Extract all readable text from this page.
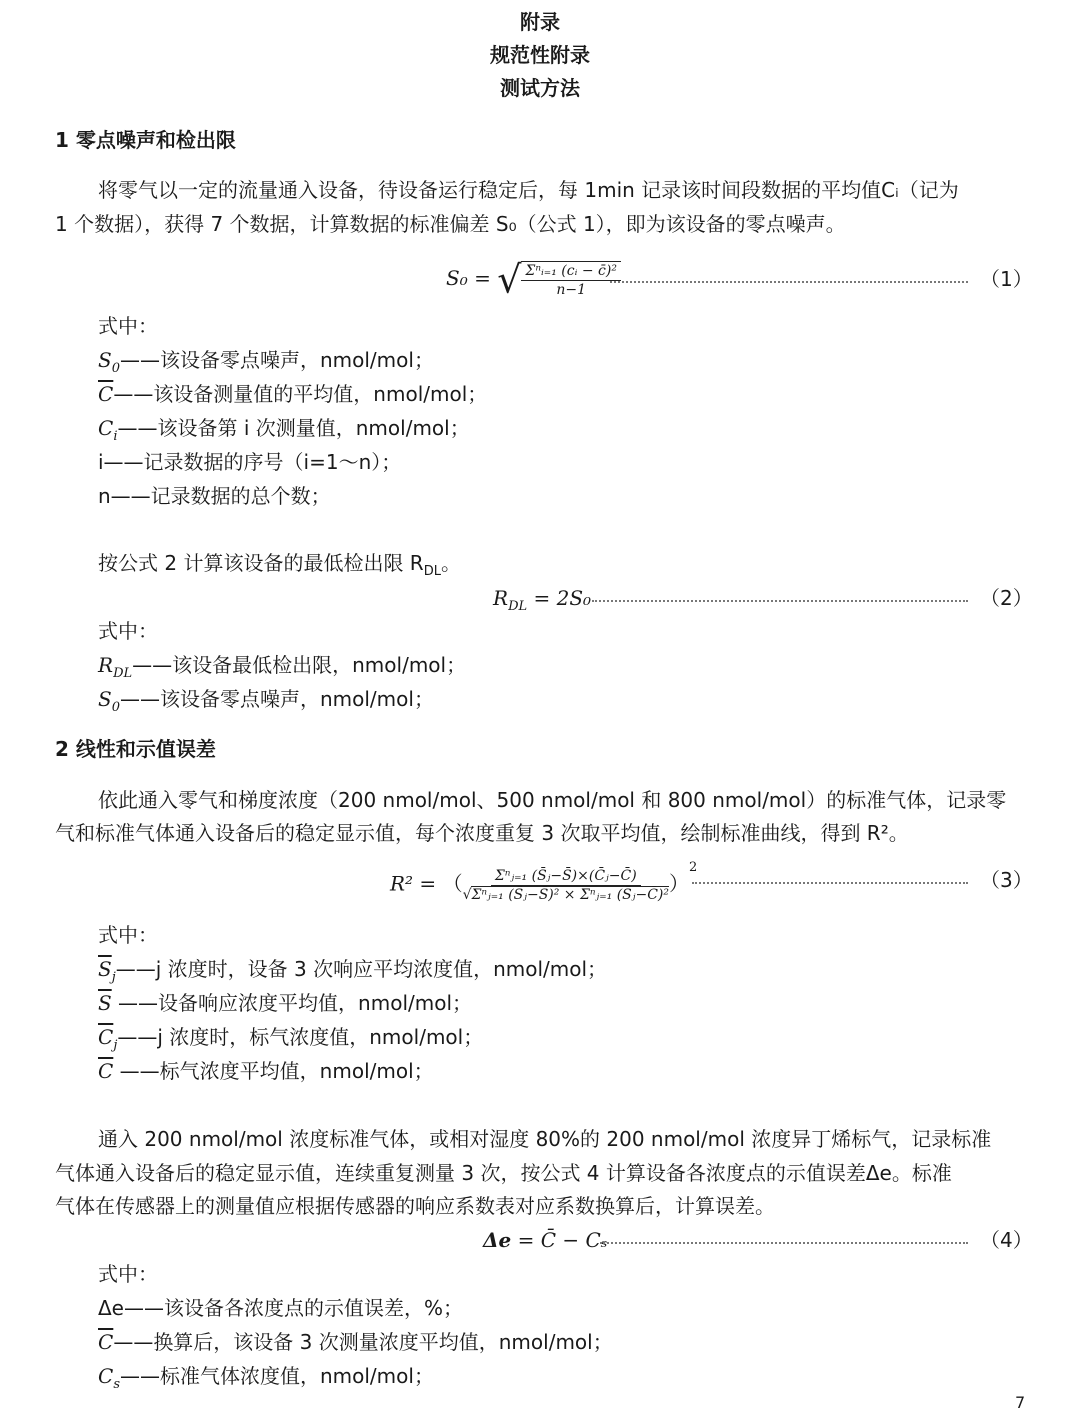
附录
规范性附录
测试方法
1 零点噪声和检出限
将零气以一定的流量通入设备，待设备运行稳定后，每 1min 记录该时间段数据的平均值Cᵢ（记为
1 个数据），获得 7 个数据，计算数据的标准偏差 S₀（公式 1），即为该设备的零点噪声。
S₀ = √ $\frac{\text{Σⁿᵢ₌₁ (cᵢ − c̄)²}}{n-1}$	（1）
式中：
$S_0——$该设备零点噪声，nmol/mol；
$\overline{C}——$该设备测量值的平均值，nmol/mol；
$C_i——$该设备第 i 次测量值，nmol/mol；
i——记录数据的序号（i=1～n）；
n——记录数据的总个数；
按公式 2 计算该设备的最低检出限 $R_{DL}$。
$R_{DL} = 2S_0$	（2）
式中：
$R_{DL}——$该设备最低检出限，nmol/mol；
$S_0——$该设备零点噪声，nmol/mol；
2 线性和示值误差
依此通入零气和梯度浓度（200 nmol/mol、500 nmol/mol 和 800 nmol/mol）的标准气体，记录零
气和标准气体通入设备后的稳定显示值，每个浓度重复 3 次取平均值，绘制标准曲线，得到 R²。
R² = （ $\frac{\text{Σⁿⱼ₌₁ (S̄ⱼ−S̄)×(C̄ⱼ−C̄)}}{\text{√Σⁿⱼ₌₁ (S̄ⱼ−S̄)² × Σⁿⱼ₌₁ (S̄ⱼ−C̄)²}} )^2$
（3）
式中：
$\overline{S}_j——j$ 浓度时，设备 3 次响应平均浓度值，nmol/mol；
$\overline{S}$ ——设备响应浓度平均值，nmol/mol；
$\overline{C}_j——j$ 浓度时，标气浓度值，nmol/mol；
$\overline{C}$ ——标气浓度平均值，nmol/mol；
通入 200 nmol/mol 浓度标准气体，或相对湿度 80%的 200 nmol/mol 浓度异丁烯标气，记录标准
气体通入设备后的稳定显示值，连续重复测量 3 次，按公式 4 计算设备各浓度点的示值误差Δe。标准
气体在传感器上的测量值应根据传感器的响应系数表对应系数换算后，计算误差。
Δe = C̄ − Cₛ	（4）
式中：
Δe——该设备各浓度点的示值误差，%；
$\overline{C}——$换算后，该设备 3 次测量浓度平均值，nmol/mol；
$C_s——$标准气体浓度值，nmol/mol；
7
